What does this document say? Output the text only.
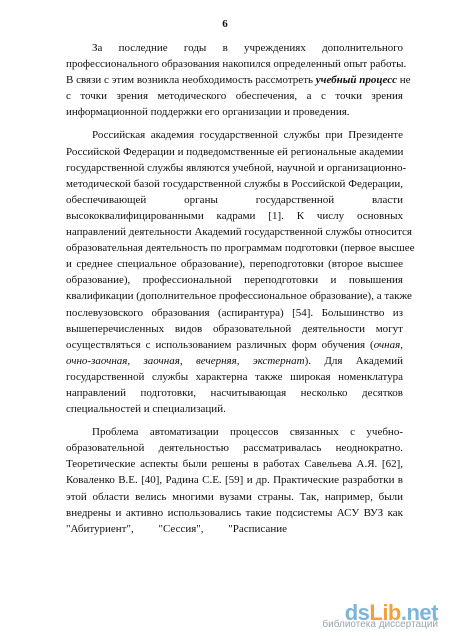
6
За последние годы в учреждениях дополнительного
профессионального образования накопился определенный опыт работы.
В связи с этим возникла необходимость рассмотреть учебный процесс не
с точки зрения методического обеспечения, а с точки зрения
информационной поддержки его организации и проведения.
Российская академия государственной службы при Президенте
Российской Федерации и подведомственные ей региональные академии
государственной службы являются учебной, научной и организационно-
методической базой государственной службы в Российской Федерации,
обеспечивающей органы государственной власти
высококвалифицированными кадрами [1]. К числу основных
направлений деятельности Академий государственной службы относится
образовательная деятельность по программам подготовки (первое высшее
и среднее специальное образование), переподготовки (второе высшее
образование), профессиональной переподготовки и повышения
квалификации (дополнительное профессиональное образование), а также
послевузовского образования (аспирантура) [54]. Большинство из
вышеперечисленных видов образовательной деятельности могут
осуществляться с использованием различных форм обучения (очная,
очно-заочная, заочная, вечерняя, экстернат). Для Академий
государственной службы характерна также широкая номенклатура
направлений подготовки, насчитывающая несколько десятков
специальностей и специализаций.
Проблема автоматизации процессов связанных с учебно-
образовательной деятельностью рассматривалась неоднократно.
Теоретические аспекты были решены в работах Савельева А.Я. [62],
Коваленко В.Е. [40], Радина С.Е. [59] и др. Практические разработки в
этой области велись многими вузами страны. Так, например, были
внедрены и активно использовались такие подсистемы АСУ ВУЗ как
"Абитуриент", "Сессия", "Расписание
dsLib.net
библиотека диссертаций
